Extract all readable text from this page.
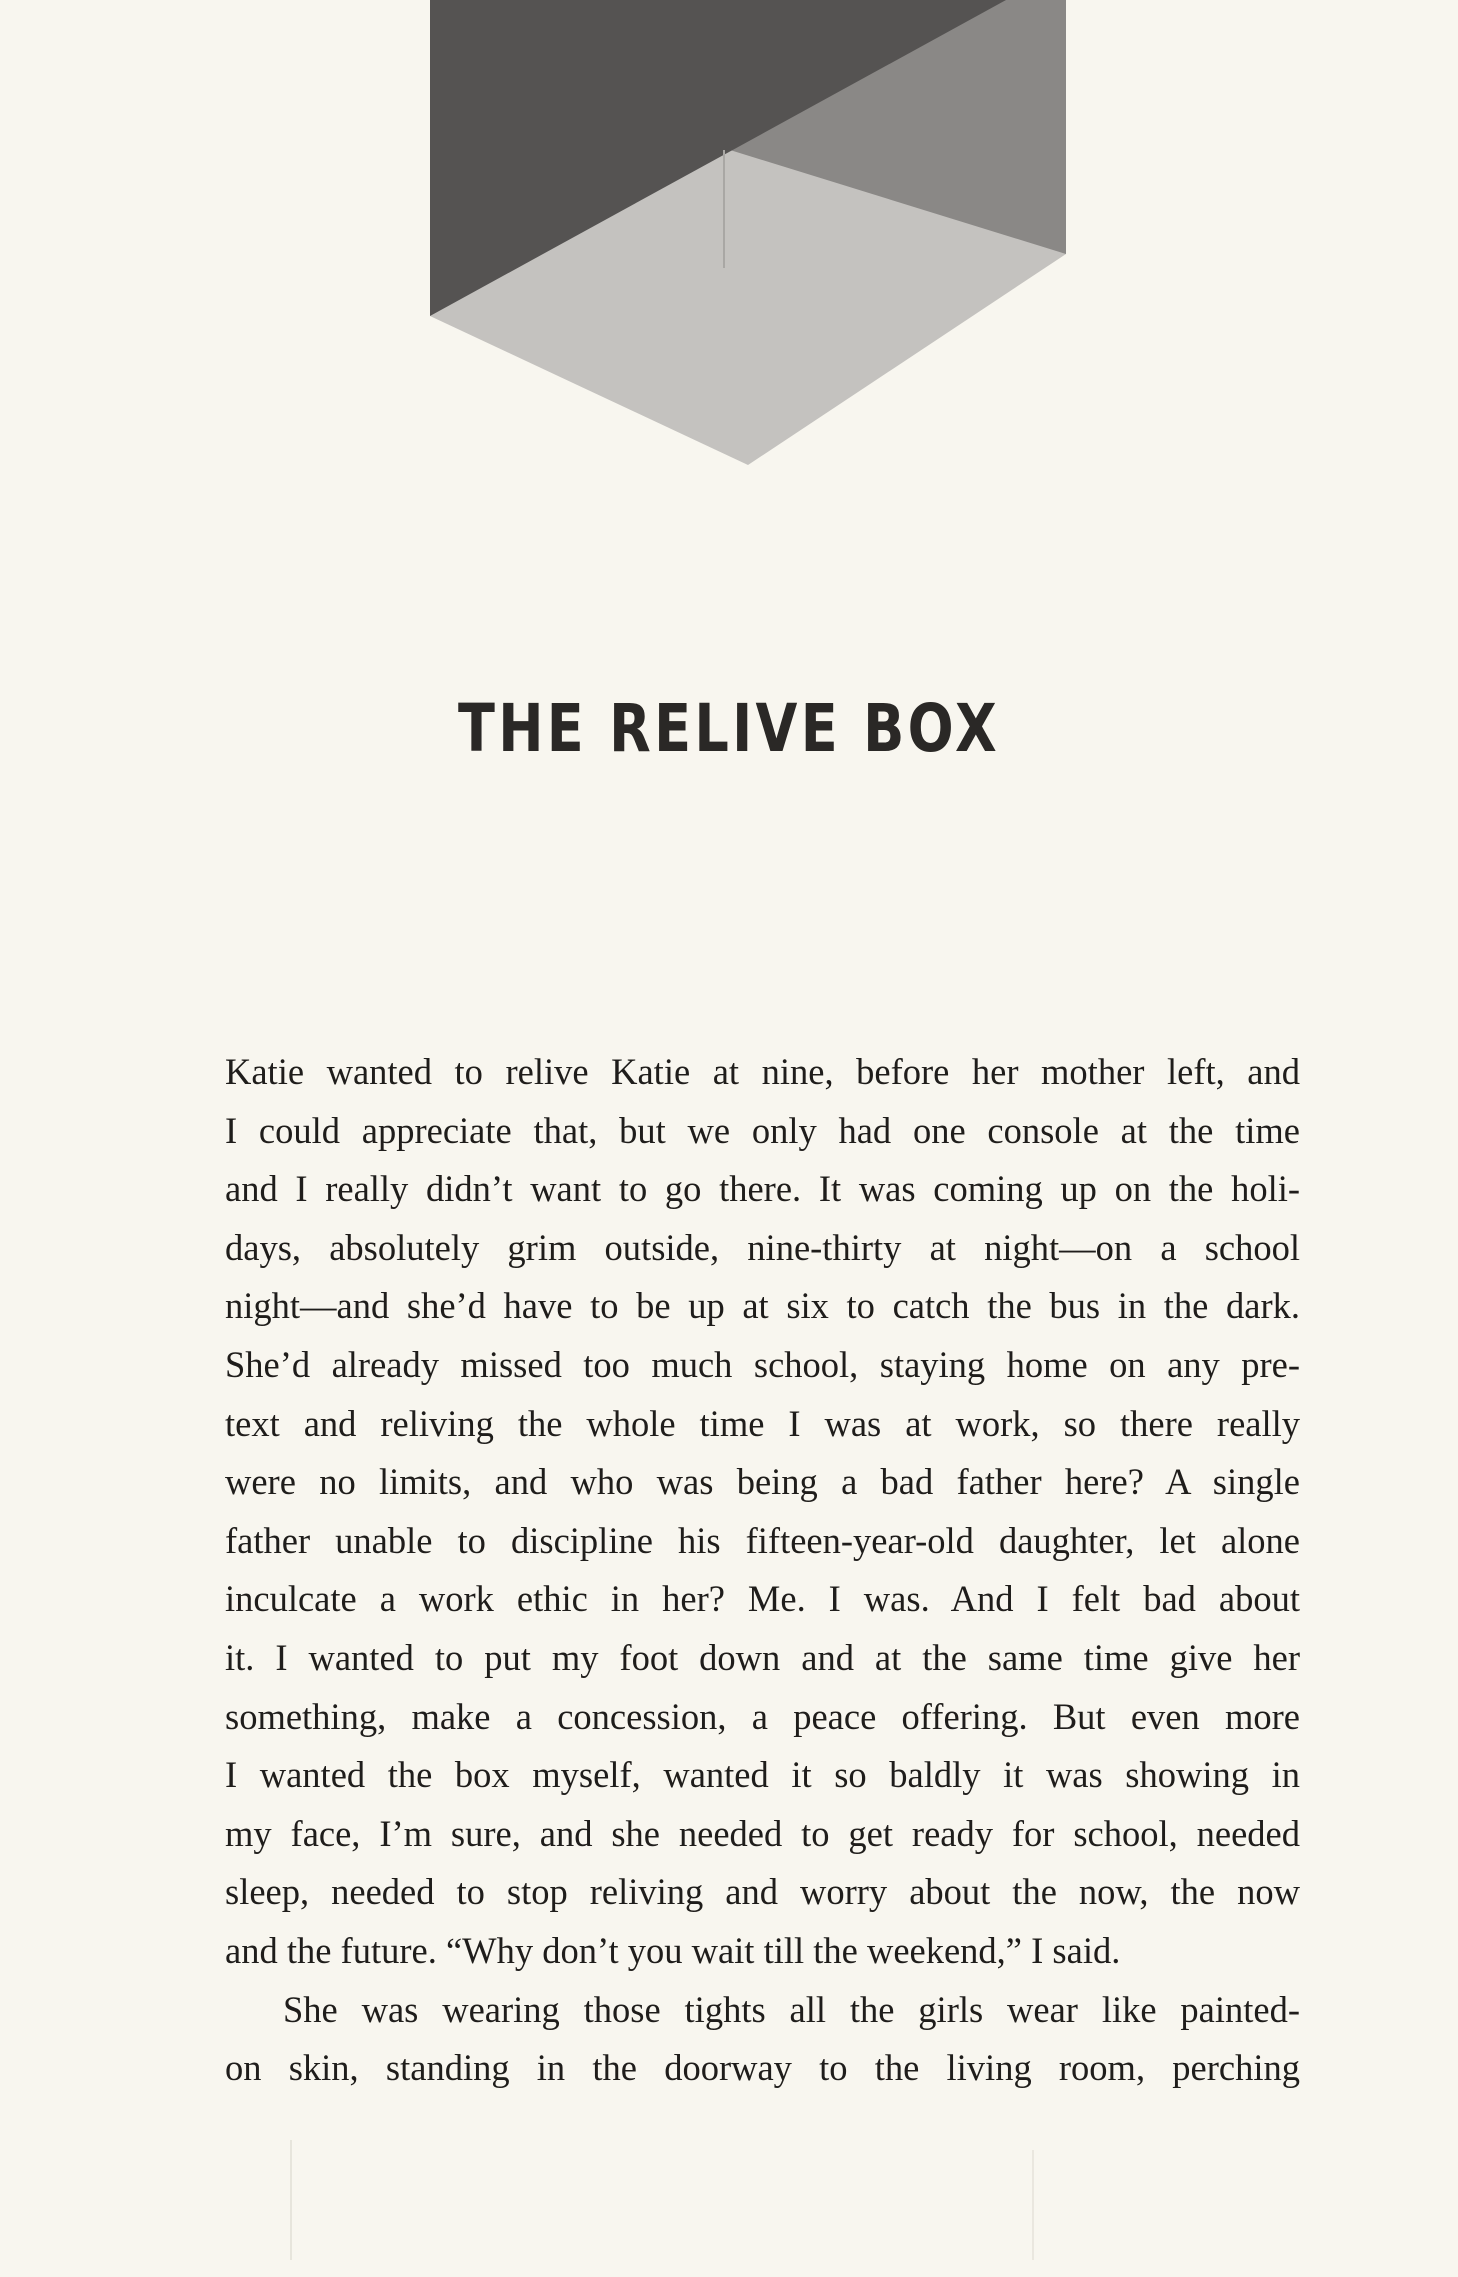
THE RELIVE BOX

Katie wanted to relive Katie at nine, before her mother left, and

I could appreciate that, but we only had one console at the time

and I really didn’t want to go there. It was coming up on the holi-

days, absolutely grim outside, nine-thirty at night—on a school

night—and she’d have to be up at six to catch the bus in the dark.

She’d already missed too much school, staying home on any pre-

text and reliving the whole time I was at work, so there really

were no limits, and who was being a bad father here? A single

father unable to discipline his fifteen-year-old daughter, let alone

inculcate a work ethic in her? Me. I was. And I felt bad about

it. I wanted to put my foot down and at the same time give her

something, make a concession, a peace offering. But even more

I wanted the box myself, wanted it so baldly it was showing in

my face, I’m sure, and she needed to get ready for school, needed

sleep, needed to stop reliving and worry about the now, the now

and the future. “Why don’t you wait till the weekend,” I said.

She was wearing those tights all the girls wear like painted-

on skin, standing in the doorway to the living room, perching
